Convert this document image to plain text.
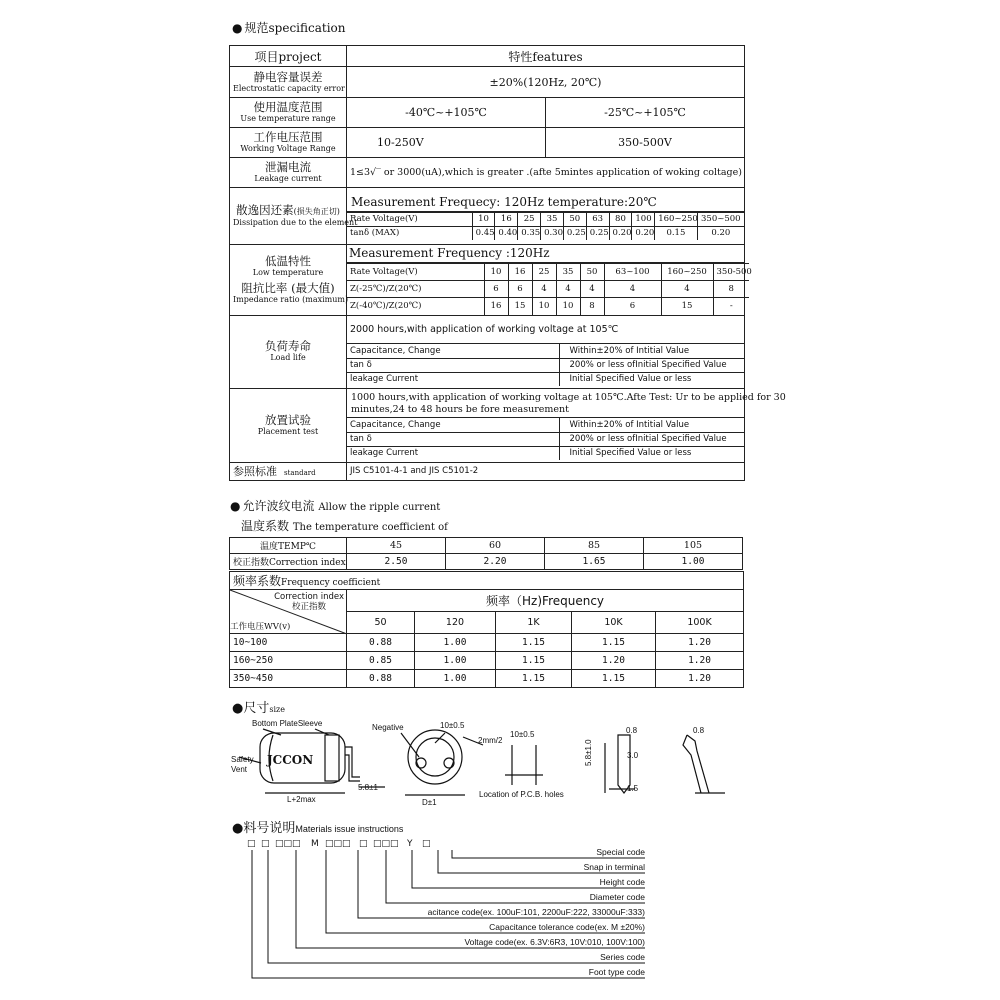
● 规范specification
项目project	特性features

静电容量误差
Electrostatic capacity error	±20%(120Hz, 20℃)

使用温度范围
Use temperature range	-40℃~+105℃	-25℃~+105℃

工作电压范围
Working Voltage Range	10-250V	350-500V

泄漏电流
Leakage current
	1≤3√‾ or 3000(uA),which is greater .(afte 5mintes application of woking coltage)

散逸因还素(损失角正切)
Dissipation due to the element

Measurement Frequecy: 120Hz temperature:20℃
Rate Voltage(V)	10	16	25	35	50	63	80	100	160~250	350~500
tanδ (MAX)	0.45	0.40	0.35	0.30	0.25	0.25	0.20	0.20	0.15	0.20

低温特性
Low temperature
阻抗比率 (最大值)
Impedance ratio (maximum)

Measurement Frequency :120Hz
Rate Voltage(V)	10	16	25	35	50	63~100	160~250	350-500
Z(-25℃)/Z(20℃)	6	6	4	4	4	4	4	8
Z(-40℃)/Z(20℃)	16	15	10	10	8	6	15	-

负荷寿命
Load life

2000 hours,with application of working voltage at 105℃
Capacitance, Change	Within±20% of Intitial Value
tan δ	200% or less ofInitial Specified Value
leakage Current	Initial Specified Value or less

放置试验
Placement test

1000 hours,with application of working voltage at 105℃.Afte Test: Ur to be applied for 30
minutes,24 to 48 hours be fore measurement
Capacitance, Change	Within±20% of Intitial Value
tan δ	200% or less ofInitial Specified Value
leakage Current	Initial Specified Value or less

参照标准 standard	JIS C5101-4-1 and JIS C5101-2
● 允许波纹电流 Allow the ripple current
温度系数 The temperature coefficient of
温度TEMP℃	45	60	85	105
校正指数Correction index	2.50	2.20	1.65	1.00
频率系数Frequency coefficient					

Correction index
校正指数
工作电压WV(v)	频率（Hz)Frequency				
	50	120	1K	10K	100K
10~100	0.88	1.00	1.15	1.15	1.20
160~250	0.85	1.00	1.15	1.20	1.20
350~450	0.88	1.00	1.15	1.15	1.20
●尺寸size
Bottom PlateSleeve
Safety
Vent
JCCON
L+2max
5.8±1
Negative	10±0.5
2mm/2
D±1
10±0.5
Location of P.C.B. holes
0.8
3.0
5.8±1.0
1.5
0.8
●料号说明Materials issue instructions
□ □ □□□ M □□□ □ □□□ Y □
Special code
Snap in terminal
Height code
Diameter code
acitance code(ex. 100uF:101, 2200uF:222, 33000uF:333)
Capacitance tolerance code(ex. M ±20%)
Voltage code(ex. 6.3V:6R3, 10V:010, 100V:100)
Series code
Foot type code
